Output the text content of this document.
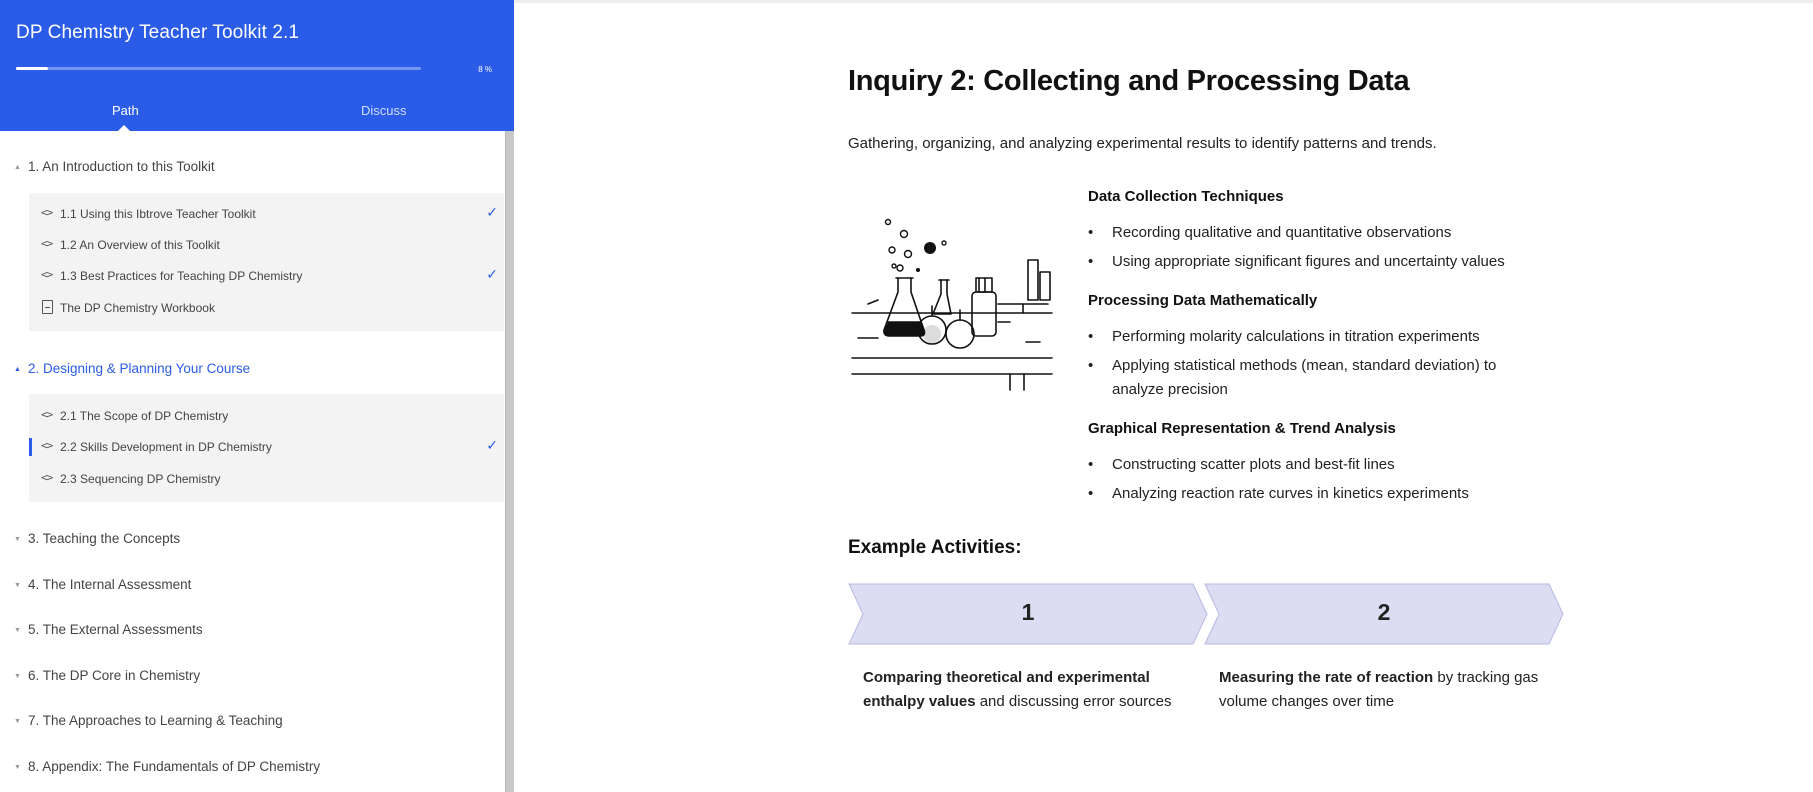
DP Chemistry Teacher Toolkit 2.1
8 %
Path	Discuss
▲ 1. An Introduction to this Toolkit
<> 1.1 Using this Ibtrove Teacher Toolkit	✓
<> 1.2 An Overview of this Toolkit
<> 1.3 Best Practices for Teaching DP Chemistry	✓
The DP Chemistry Workbook
▲ 2. Designing & Planning Your Course
<> 2.1 The Scope of DP Chemistry
<> 2.2 Skills Development in DP Chemistry	✓
<> 2.3 Sequencing DP Chemistry
▼ 3. Teaching the Concepts
▼ 4. The Internal Assessment
▼ 5. The External Assessments
▼ 6. The DP Core in Chemistry
▼ 7. The Approaches to Learning & Teaching
▼ 8. Appendix: The Fundamentals of DP Chemistry
Inquiry 2: Collecting and Processing Data
Gathering, organizing, and analyzing experimental results to identify patterns and trends.
Data Collection Techniques
• Recording qualitative and quantitative observations
• Using appropriate significant figures and uncertainty values
Processing Data Mathematically
• Performing molarity calculations in titration experiments
• Applying statistical methods (mean, standard deviation) to analyze precision
Graphical Representation & Trend Analysis
• Constructing scatter plots and best-fit lines
• Analyzing reaction rate curves in kinetics experiments
Example Activities:
1	2
Comparing theoretical and experimental enthalpy values and discussing error sources
Measuring the rate of reaction by tracking gas volume changes over time
